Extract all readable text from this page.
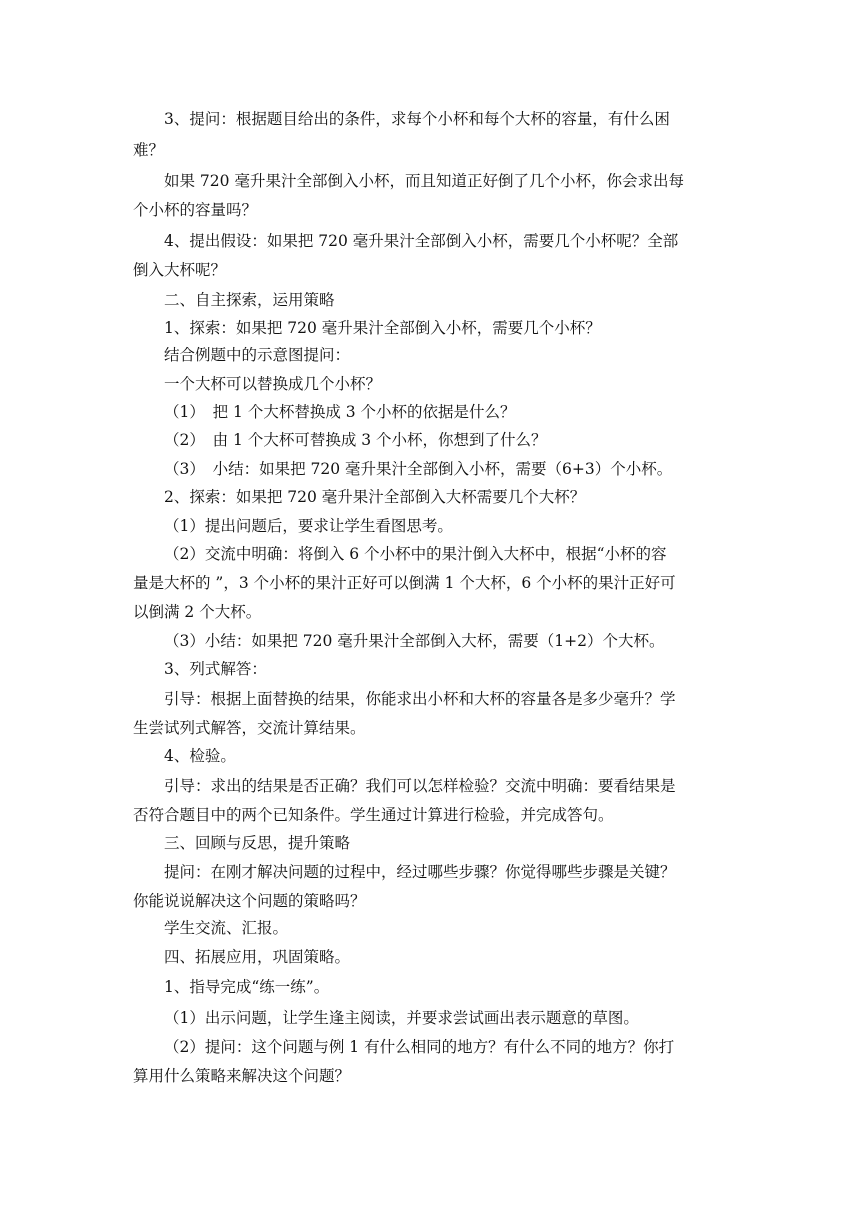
3、提问：根据题目给出的条件，求每个小杯和每个大杯的容量，有什么困
难？
如果 720 毫升果汁全部倒入小杯，而且知道正好倒了几个小杯，你会求出每
个小杯的容量吗？
4、提出假设：如果把 720 毫升果汁全部倒入小杯，需要几个小杯呢？全部
倒入大杯呢？
二、自主探索，运用策略
1、探索：如果把 720 毫升果汁全部倒入小杯，需要几个小杯？
结合例题中的示意图提问：
一个大杯可以替换成几个小杯？
（1）　把 1 个大杯替换成 3 个小杯的依据是什么？
（2）　由 1 个大杯可替换成 3 个小杯，你想到了什么？
（3）　小结：如果把 720 毫升果汁全部倒入小杯，需要（6+3）个小杯。
2、探索：如果把 720 毫升果汁全部倒入大杯需要几个大杯？
（1）提出问题后，要求让学生看图思考。
（2）交流中明确：将倒入 6 个小杯中的果汁倒入大杯中，根据“小杯的容
量是大杯的 ”，3 个小杯的果汁正好可以倒满 1 个大杯，6 个小杯的果汁正好可
以倒满 2 个大杯。
（3）小结：如果把 720 毫升果汁全部倒入大杯，需要（1+2）个大杯。
3、列式解答：
引导：根据上面替换的结果，你能求出小杯和大杯的容量各是多少毫升？学
生尝试列式解答，交流计算结果。
4、检验。
引导：求出的结果是否正确？我们可以怎样检验？交流中明确：要看结果是
否符合题目中的两个已知条件。学生通过计算进行检验，并完成答句。
三、回顾与反思，提升策略
提问：在刚才解决问题的过程中，经过哪些步骤？你觉得哪些步骤是关键？
你能说说解决这个问题的策略吗？
学生交流、汇报。
四、拓展应用，巩固策略。
1、指导完成“练一练”。
（1）出示问题，让学生逢主阅读，并要求尝试画出表示题意的草图。
（2）提问：这个问题与例 1 有什么相同的地方？有什么不同的地方？你打
算用什么策略来解决这个问题？
